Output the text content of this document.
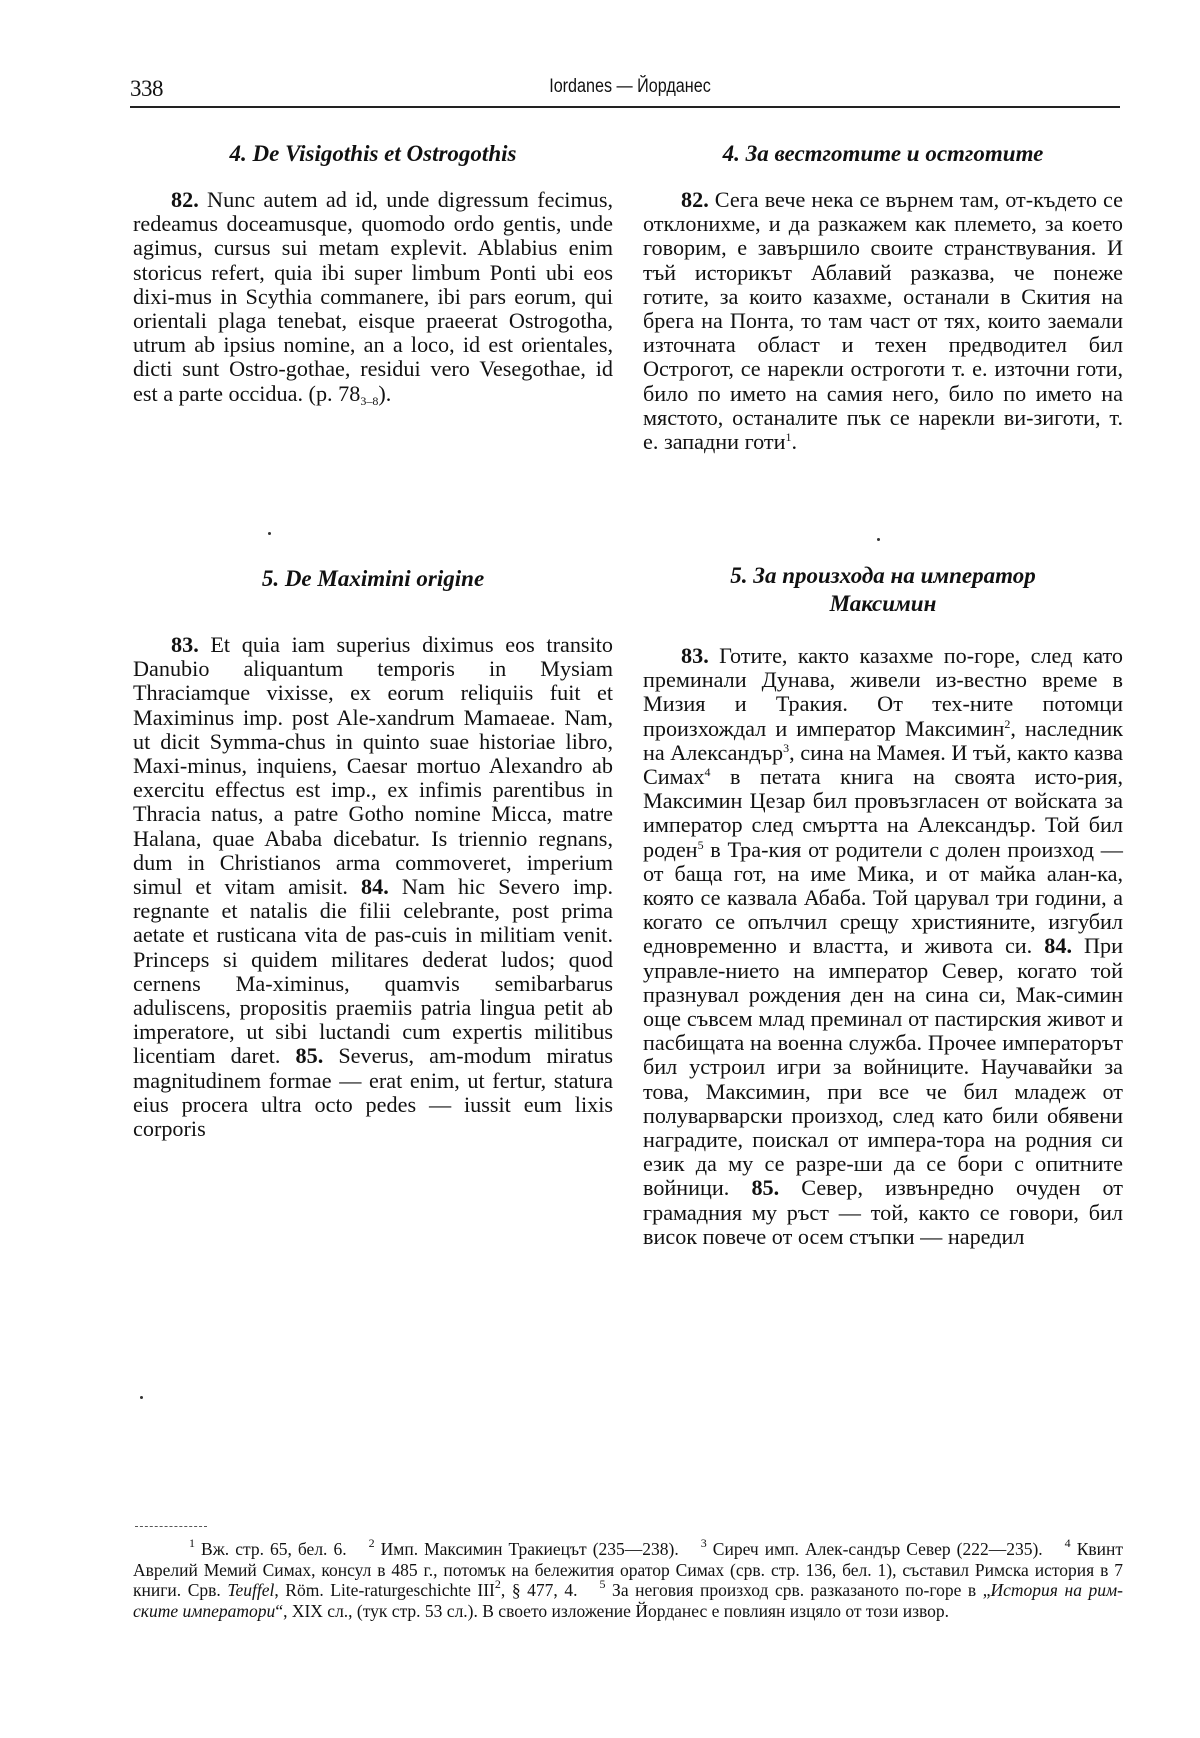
338	Iordanes — Йорданес
4. De Visigothis et Ostrogothis

82. Nunc autem ad id, unde digressum fecimus, redeamus doceamusque, quomodo ordo gentis, unde agimus, cursus sui metam explevit. Ablabius enim storicus refert, quia ibi super limbum Ponti ubi eos dixi-mus in Scythia commanere, ibi pars eorum, qui orientali plaga tenebat, eisque praeerat Ostrogotha, utrum ab ipsius nomine, an a loco, id est orientales, dicti sunt Ostro-gothae, residui vero Vesegothae, id est a parte occidua. (p. $78_{3-8}$).

5. De Maximini origine

83. Et quia iam superius diximus eos transito Danubio aliquantum temporis in Mysiam Thraciamque vixisse, ex eorum reliquiis fuit et Maximinus imp. post Ale-xandrum Mamaeae. Nam, ut dicit Symma-chus in quinto suae historiae libro, Maxi-minus, inquiens, Caesar mortuo Alexandro ab exercitu effectus est imp., ex infimis parentibus in Thracia natus, a patre Gotho nomine Micca, matre Halana, quae Ababa dicebatur. Is triennio regnans, dum in Christianos arma commoveret, imperium simul et vitam amisit. 84. Nam hic Severo imp. regnante et natalis die filii celebrante, post prima aetate et rusticana vita de pas-cuis in militiam venit. Princeps si quidem militares dederat ludos; quod cernens Ma-ximinus, quamvis semibarbarus aduliscens, propositis praemiis patria lingua petit ab imperatore, ut sibi luctandi cum expertis militibus licentiam daret. 85. Severus, am-modum miratus magnitudinem formae — erat enim, ut fertur, statura eius procera ultra octo pedes — iussit eum lixis corporis

4. За вестготите и остготите

82. Сега вече нека се върнем там, от-където се отклонихме, и да разкажем как племето, за което говорим, е завършило своите странствувания. И тъй историкът Аблавий разказва, че понеже готите, за които казахме, останали в Скития на брега на Понта, то там част от тях, които заемали източната област и техен предводител бил Острогот, се нарекли остроготи т. е. източни готи, било по името на самия него, било по името на мястото, останалите пък се нарекли ви-зиготи, т. е. западни готи$^1$.

5. За произхода на император
Максимин

83. Готите, както казахме по-горе, след като преминали Дунава, живели из-вестно време в Мизия и Тракия. От тех-ните потомци произхождал и император Максимин$^2$, наследник на Александър$^3$, сина на Мамея. И тъй, както казва Симах$^4$ в петата книга на своята исто-рия, Максимин Цезар бил провъзгласен от войската за император след смъртта на Александър. Той бил роден$^5$ в Тра-кия от родители с долен произход — от баща гот, на име Мика, и от майка алан-ка, която се казвала Абаба. Той царувал три години, а когато се опълчил срещу християните, изгубил едновременно и властта, и живота си. 84. При управле-нието на император Север, когато той празнувал рождения ден на сина си, Мак-симин още съвсем млад преминал от пастирския живот и пасбищата на военна служба. Прочее императорът бил устроил игри за войниците. Научавайки за това, Максимин, при все че бил младеж от полуварварски произход, след като били обявени наградите, поискал от импера-тора на родния си език да му се разре-ши да се бори с опитните войници. 85. Север, извънредно очуден от грамадния му ръст — той, както се говори, бил висок повече от осем стъпки — наредил

$^1$ Вж. стр. 65, бел. 6. $^2$ Имп. Максимин Тракиецът (235—238). $^3$ Сиреч имп. Алек-сандър Север (222—235). $^4$ Квинт Аврелий Мемий Симах, консул в 485 г., потомък на бележития оратор Симах (срв. стр. 136, бел. 1), съставил Римска история в 7 книги. Срв. Teuffel, Röm. Lite-raturgeschichte III$^2$, § 477, 4. $^5$ За неговия произход срв. разказаното по-горе в „История на рим-ските императори“, XIX сл., (тук стр. 53 сл.). В своето изложение Йорданес е повлиян изцяло от този извор.
